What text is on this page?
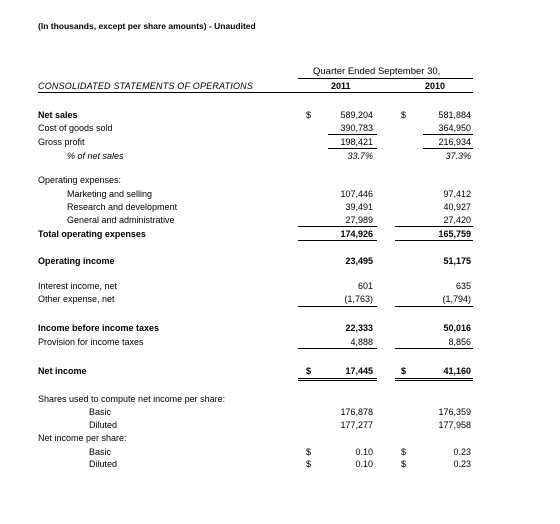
(In thousands, except per share amounts) - Unaudited
Quarter Ended September 30,
CONSOLIDATED STATEMENTS OF OPERATIONS	2011	2010
Net sales	$	589,204	$	581,884
Cost of goods sold	390,783	364,950
Gross profit	198,421	216,934
% of net sales	33.7%	37.3%
Operating expenses:
Marketing and selling	107,446	97,412
Research and development	39,491	40,927
General and administrative	27,989	27,420
Total operating expenses	174,926	165,759
Operating income	23,495	51,175
Interest income, net	601	635
Other expense, net	(1,763)	(1,794)
Income before income taxes	22,333	50,016
Provision for income taxes	4,888	8,856
Net income	$	17,445	$	41,160
Shares used to compute net income per share:
Basic	176,878	176,359
Diluted	177,277	177,958
Net income per share:
Basic	$	0.10	$	0.23
Diluted	$	0.10	$	0.23
